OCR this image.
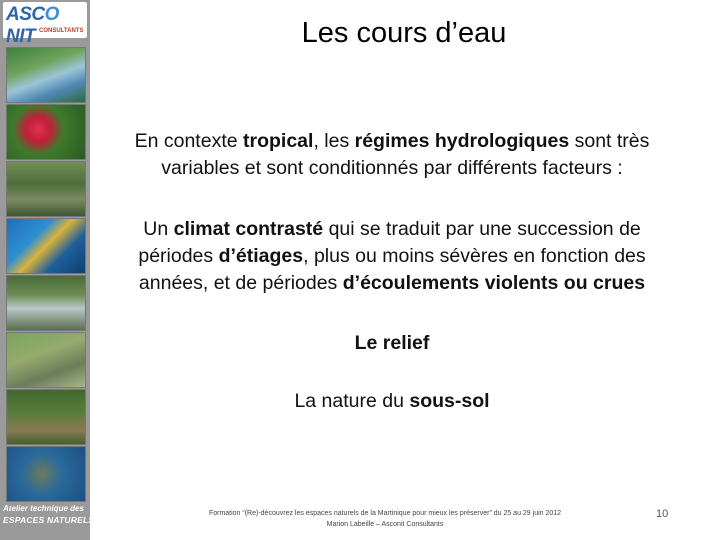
ASCONIT CONSULTANTS
Atelier technique des
ESPACES NATURELS
Les cours d’eau
En contexte tropical, les régimes hydrologiques sont très variables et sont conditionnés par différents facteurs :
Un climat contrasté qui se traduit par une succession de périodes d’étiages, plus ou moins sévères en fonction des années, et de périodes d’écoulements violents ou crues
Le relief
La nature du sous-sol
Formation “(Re)-découvrez les espaces naturels de la Martinique pour mieux les préserver” du 25 au 29 juin 2012
Marion Labeille – Asconit Consultants
10
